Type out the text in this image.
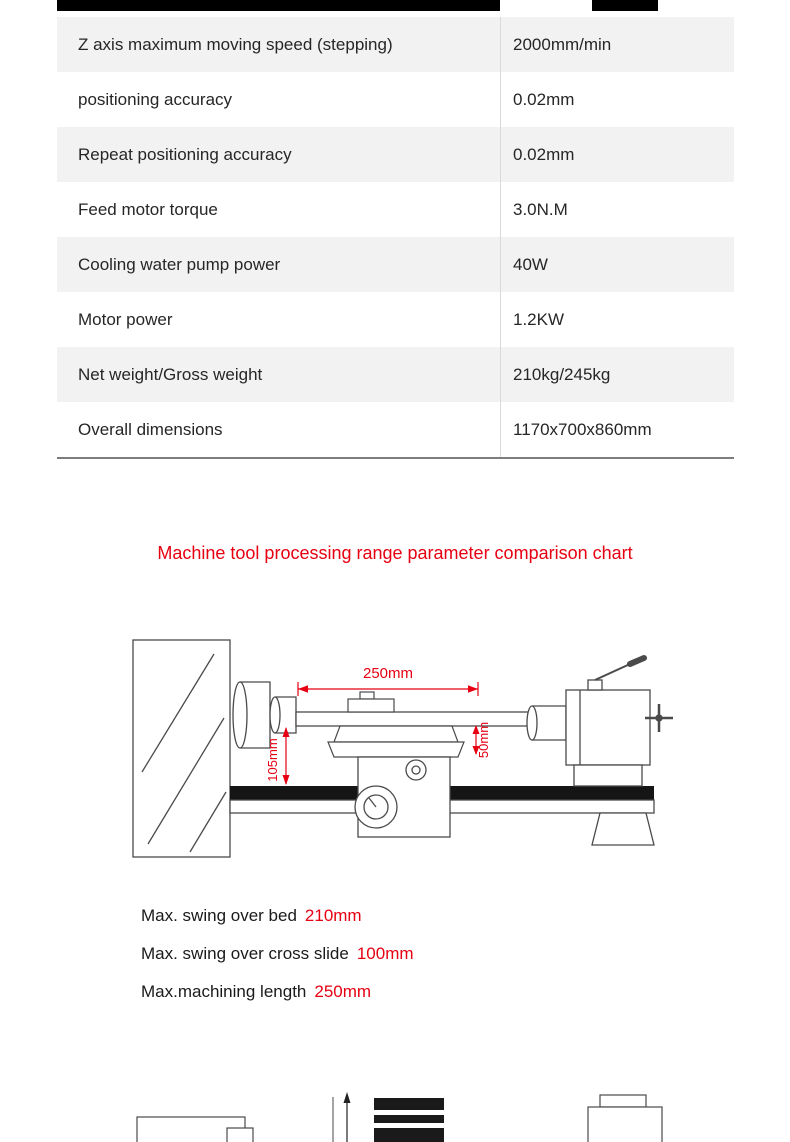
Z axis maximum moving speed (stepping)	2000mm/min
positioning accuracy	0.02mm
Repeat positioning accuracy	0.02mm
Feed motor torque	3.0N.M
Cooling water pump power	40W
Motor power	1.2KW
Net weight/Gross weight	210kg/245kg
Overall dimensions	1170x700x860mm
Machine tool processing range parameter comparison chart
250mm
105mm	50mm
Max. swing over bed 210mm
Max. swing over cross slide 100mm
Max.machining length 250mm
